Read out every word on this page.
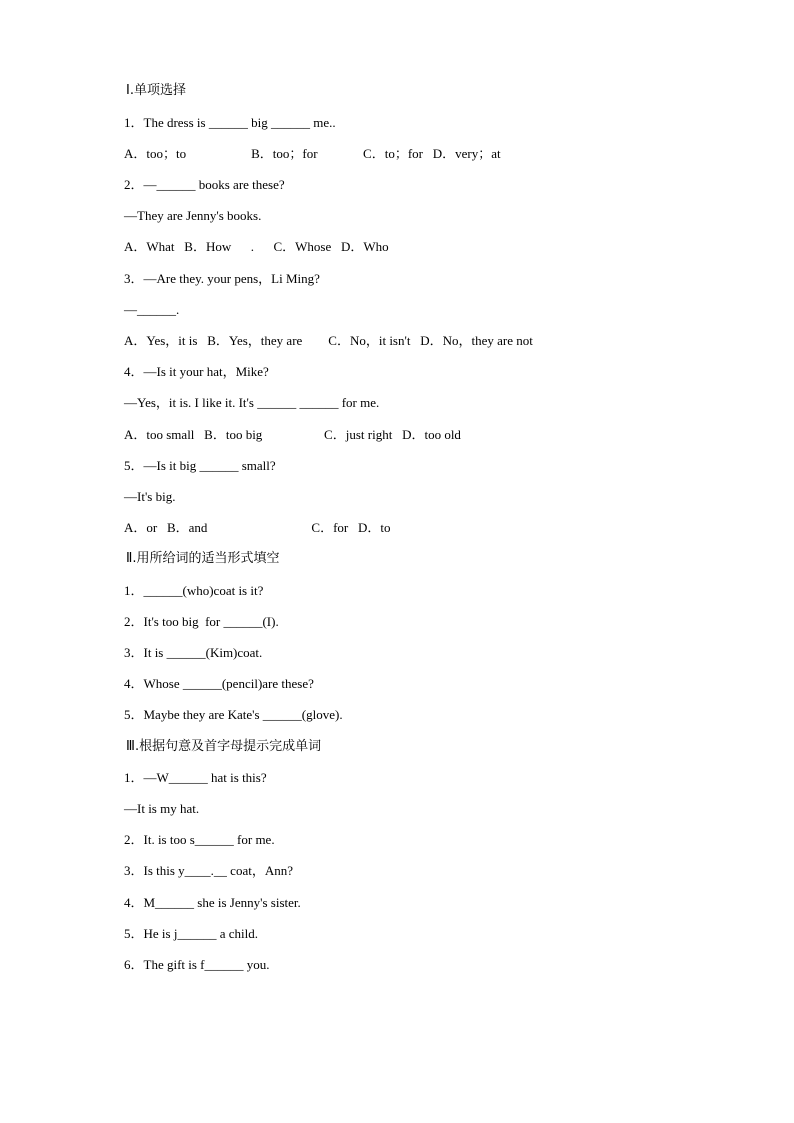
Ⅰ.单项选择
1．The dress is ______ big ______ me..
A．too；to                    B．too；for              C．to；for   D．very；at
2．—______ books are these?
—They are Jenny's books.
A．What   B．How      .      C．Whose   D．Who
3．—Are they. your pens，Li Ming?
—______.
A．Yes，it is   B．Yes，they are        C．No，it isn't   D．No，they are not
4．—Is it your hat，Mike?
—Yes，it is. I like it. It's ______ ______ for me.
A．too small   B．too big                   C．just right   D．too old
5．—Is it big ______ small?
—It's big.
A．or   B．and                                C．for   D．to
Ⅱ.用所给词的适当形式填空
1．______(who)coat is it?
2．It's too big  for ______(I).
3．It is ______(Kim)coat.
4．Whose ______(pencil)are these?
5．Maybe they are Kate's ______(glove).
Ⅲ.根据句意及首字母提示完成单词
1．—W______ hat is this?
—It is my hat.
2．It. is too s______ for me.
3．Is this y____.__ coat，Ann?
4．M______ she is Jenny's sister.
5．He is j______ a child.
6．The gift is f______ you.
